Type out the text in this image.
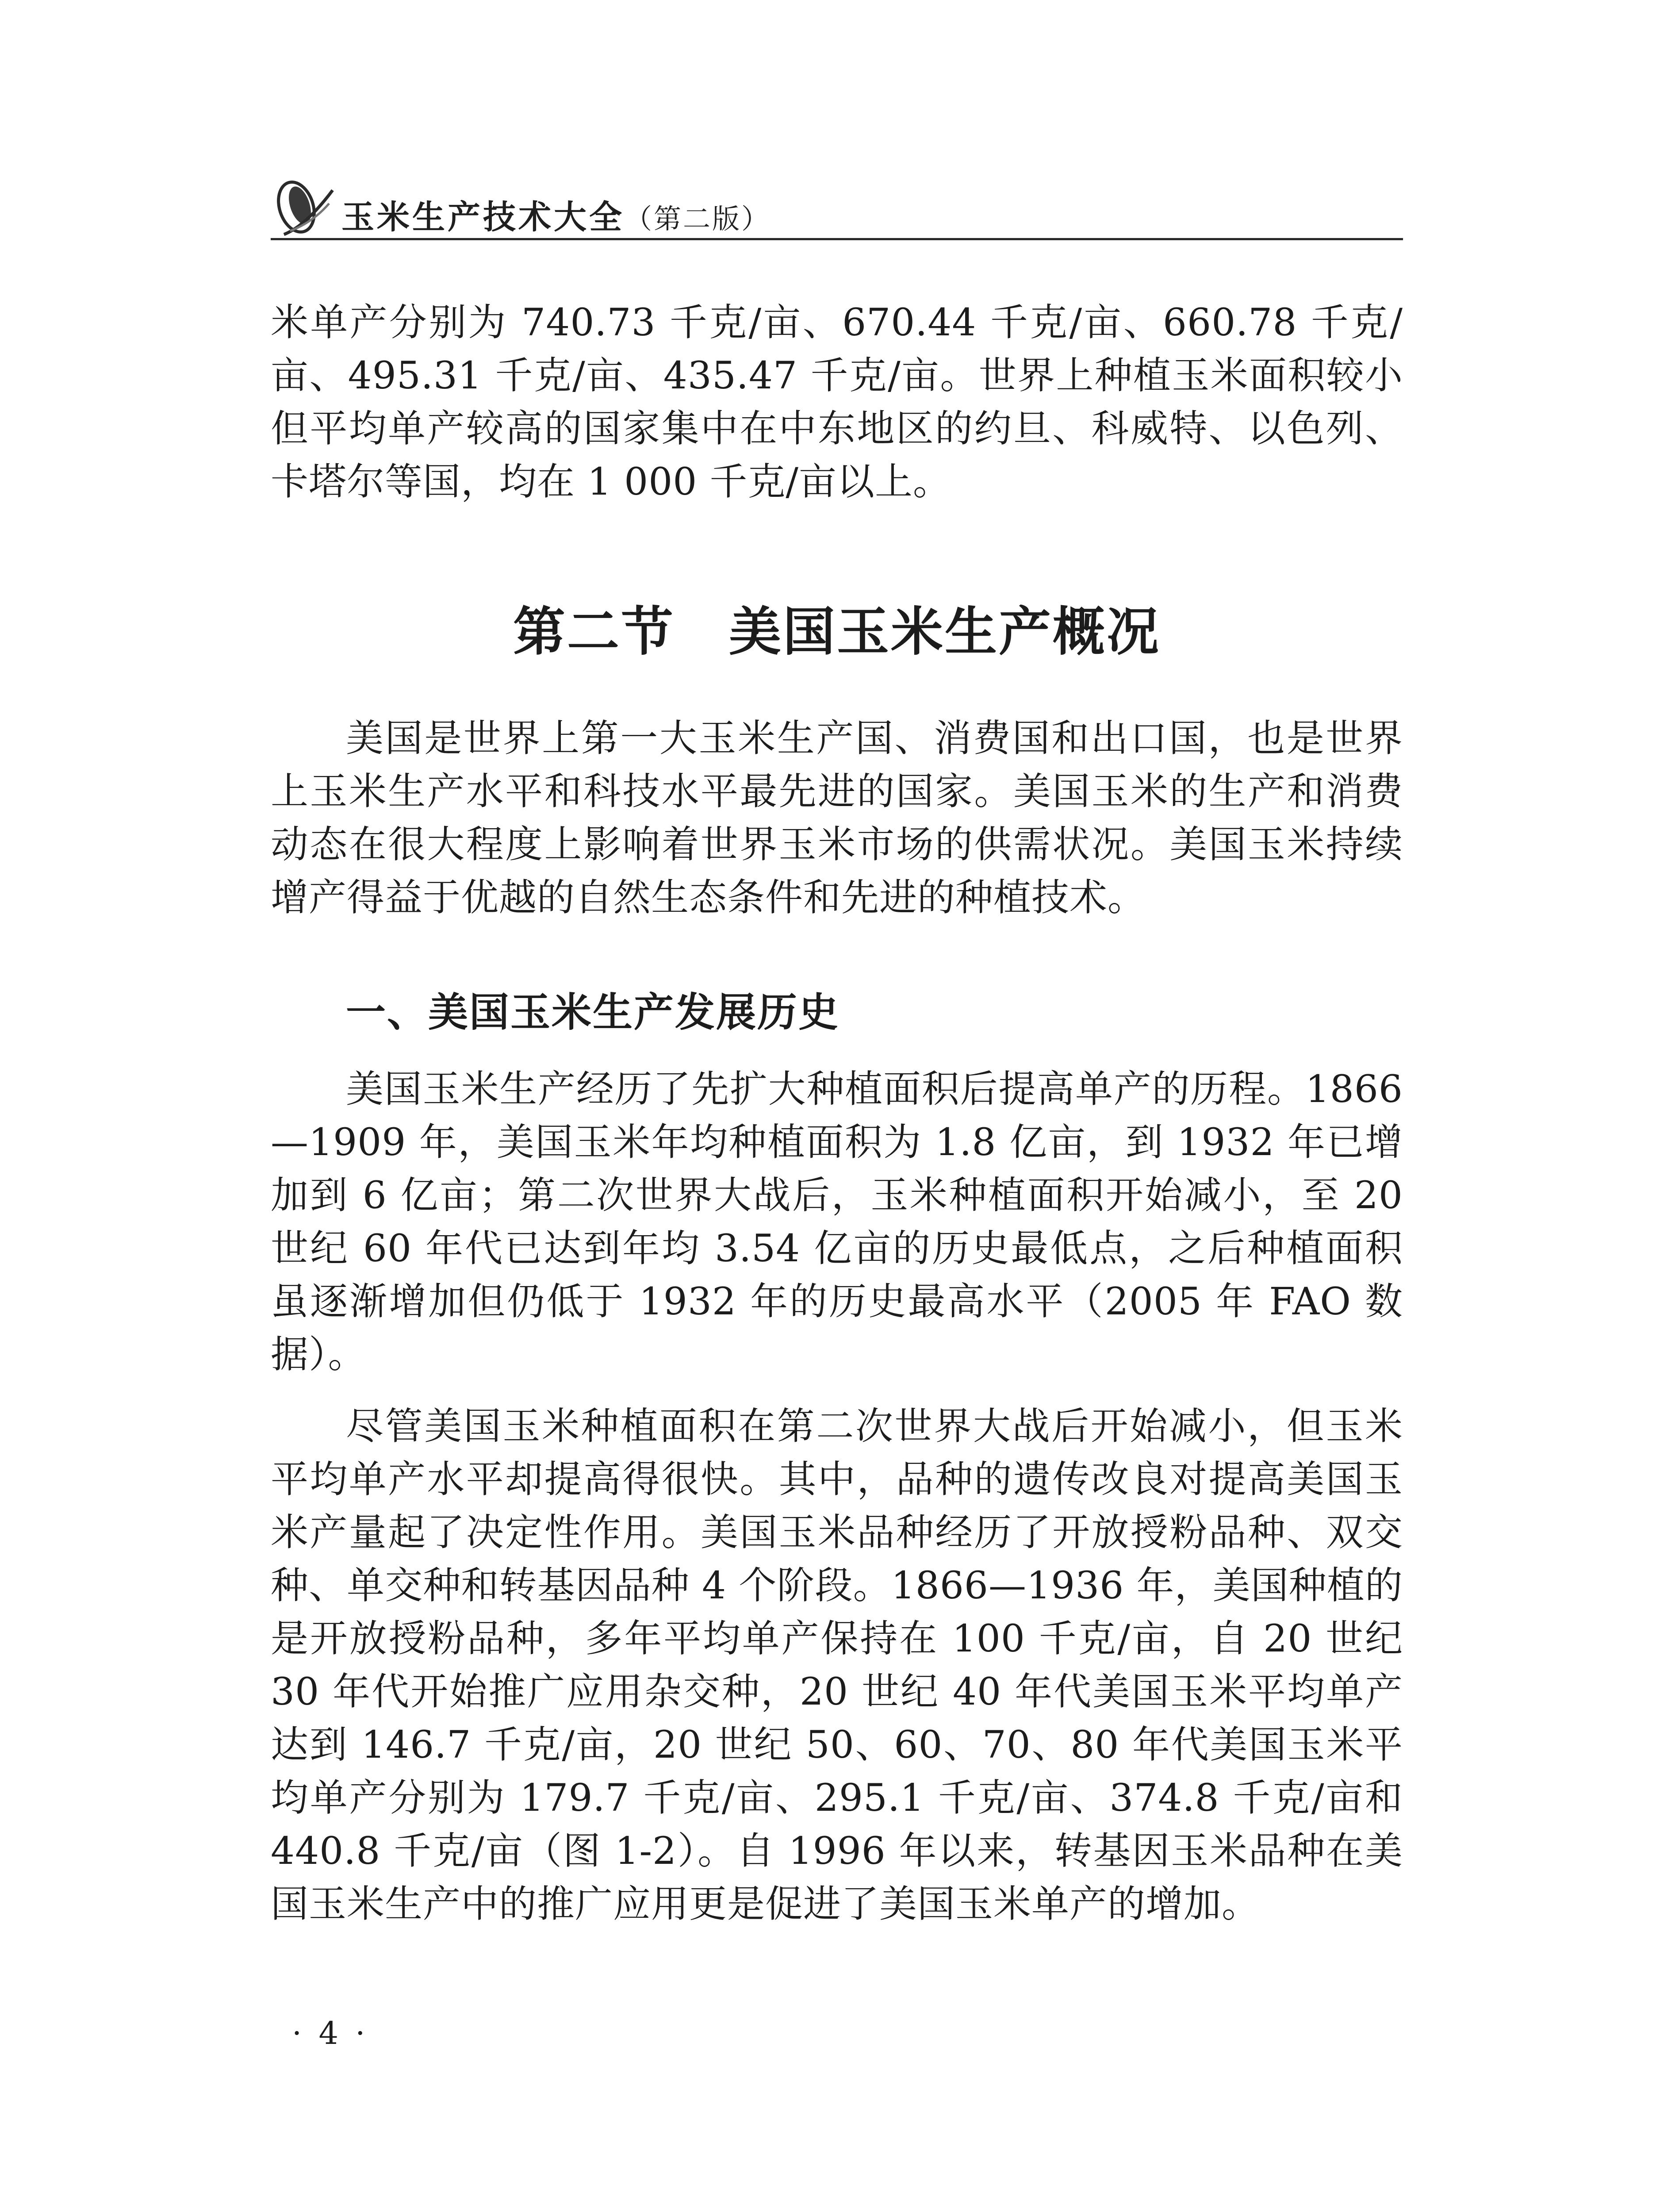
玉米生产技术大全（第二版）

米单产分别为 740.73 千克/亩、670.44 千克/亩、660.78 千克/亩、495.31 千克/亩、435.47 千克/亩。世界上种植玉米面积较小但平均单产较高的国家集中在中东地区的约旦、科威特、以色列、卡塔尔等国，均在 1 000 千克/亩以上。

第二节　美国玉米生产概况

美国是世界上第一大玉米生产国、消费国和出口国，也是世界上玉米生产水平和科技水平最先进的国家。美国玉米的生产和消费动态在很大程度上影响着世界玉米市场的供需状况。美国玉米持续增产得益于优越的自然生态条件和先进的种植技术。

一、美国玉米生产发展历史

美国玉米生产经历了先扩大种植面积后提高单产的历程。1866—1909 年，美国玉米年均种植面积为 1.8 亿亩，到 1932 年已增加到 6 亿亩；第二次世界大战后，玉米种植面积开始减小，至 20 世纪 60 年代已达到年均 3.54 亿亩的历史最低点，之后种植面积虽逐渐增加但仍低于 1932 年的历史最高水平（2005 年 FAO 数据）。

尽管美国玉米种植面积在第二次世界大战后开始减小，但玉米平均单产水平却提高得很快。其中，品种的遗传改良对提高美国玉米产量起了决定性作用。美国玉米品种经历了开放授粉品种、双交种、单交种和转基因品种 4 个阶段。1866—1936 年，美国种植的是开放授粉品种，多年平均单产保持在 100 千克/亩，自 20 世纪 30 年代开始推广应用杂交种，20 世纪 40 年代美国玉米平均单产达到 146.7 千克/亩，20 世纪 50、60、70、80 年代美国玉米平均单产分别为 179.7 千克/亩、295.1 千克/亩、374.8 千克/亩和 440.8 千克/亩（图 1-2）。自 1996 年以来，转基因玉米品种在美国玉米生产中的推广应用更是促进了美国玉米单产的增加。

· 4 ·
